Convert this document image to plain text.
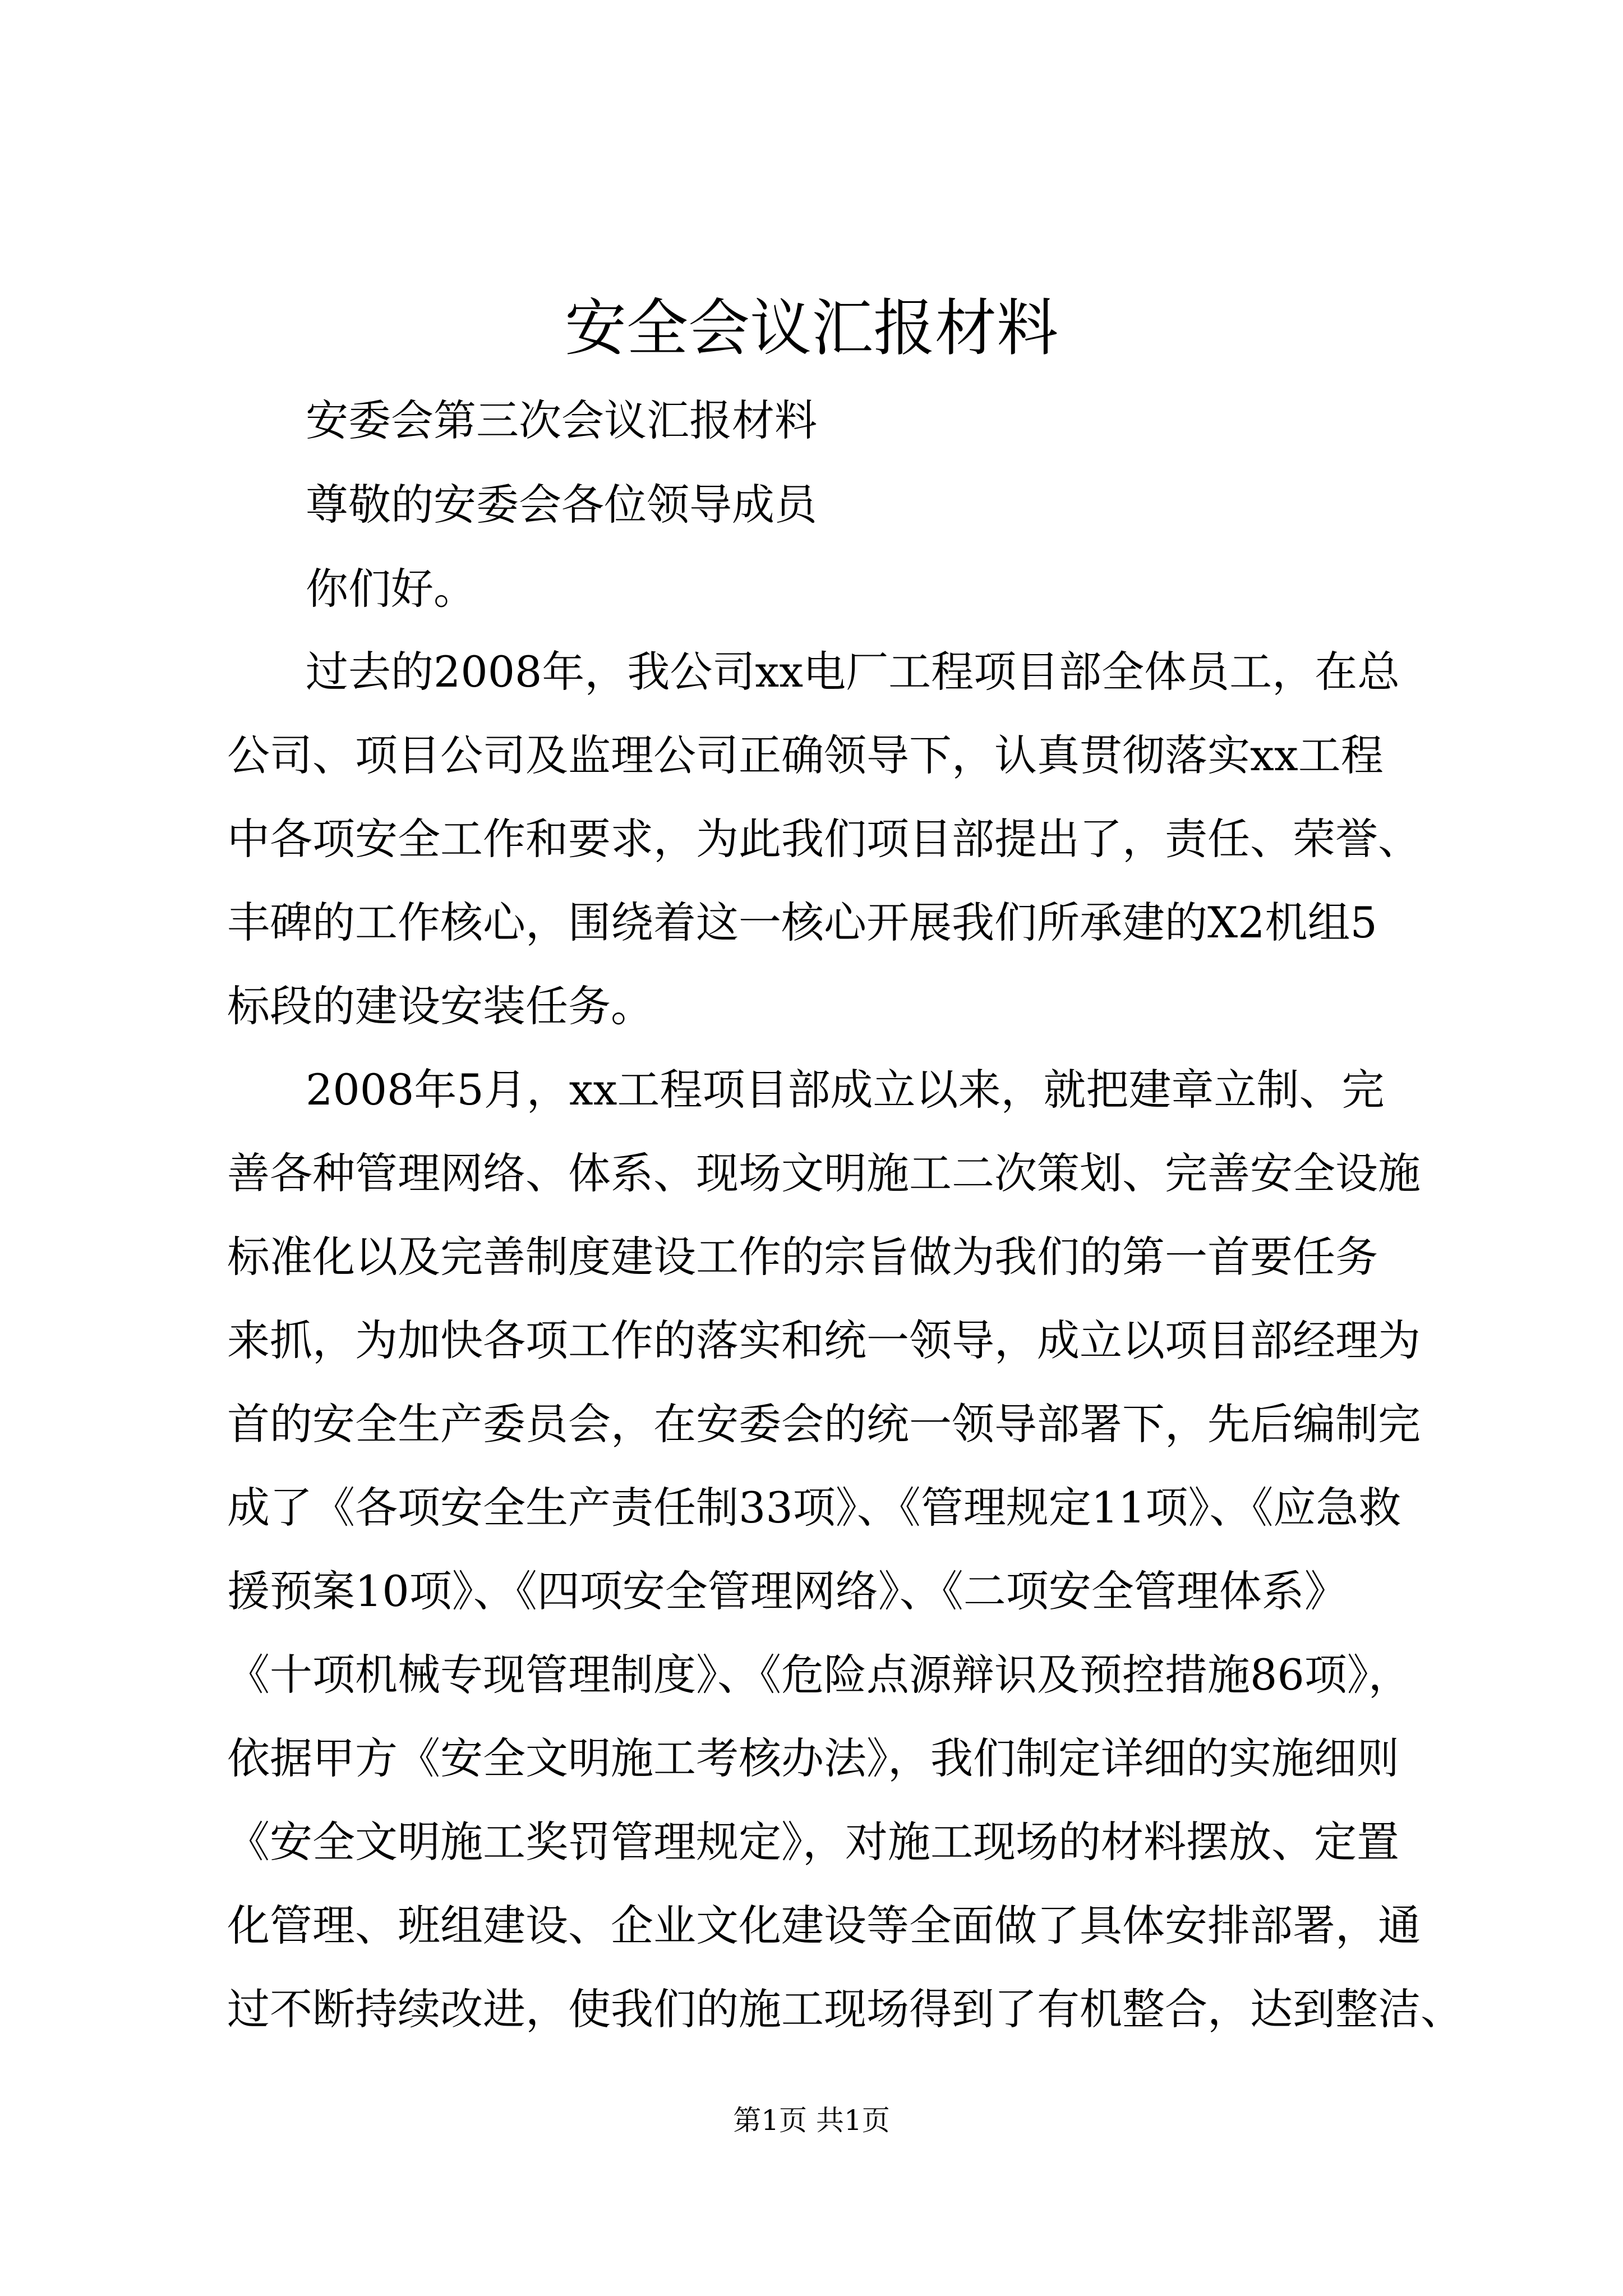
安全会议汇报材料

安委会第三次会议汇报材料

尊敬的安委会各位领导成员

你们好。

过去的2008年，我公司xx电厂工程项目部全体员工，在总

公司、项目公司及监理公司正确领导下，认真贯彻落实xx工程

中各项安全工作和要求，为此我们项目部提出了，责任、荣誉、

丰碑的工作核心，围绕着这一核心开展我们所承建的X2机组5

标段的建设安装任务。

2008年5月，xx工程项目部成立以来，就把建章立制、完

善各种管理网络、体系、现场文明施工二次策划、完善安全设施

标准化以及完善制度建设工作的宗旨做为我们的第一首要任务

来抓，为加快各项工作的落实和统一领导，成立以项目部经理为

首的安全生产委员会，在安委会的统一领导部署下，先后编制完

成了《各项安全生产责任制33项》、《管理规定11项》、《应急救

援预案10项》、《四项安全管理网络》、《二项安全管理体系》

《十项机械专现管理制度》、《危险点源辩识及预控措施86项》，

依据甲方《安全文明施工考核办法》，我们制定详细的实施细则

《安全文明施工奖罚管理规定》，对施工现场的材料摆放、定置

化管理、班组建设、企业文化建设等全面做了具体安排部署，通

过不断持续改进，使我们的施工现场得到了有机整合，达到整洁、

第1页 共1页
